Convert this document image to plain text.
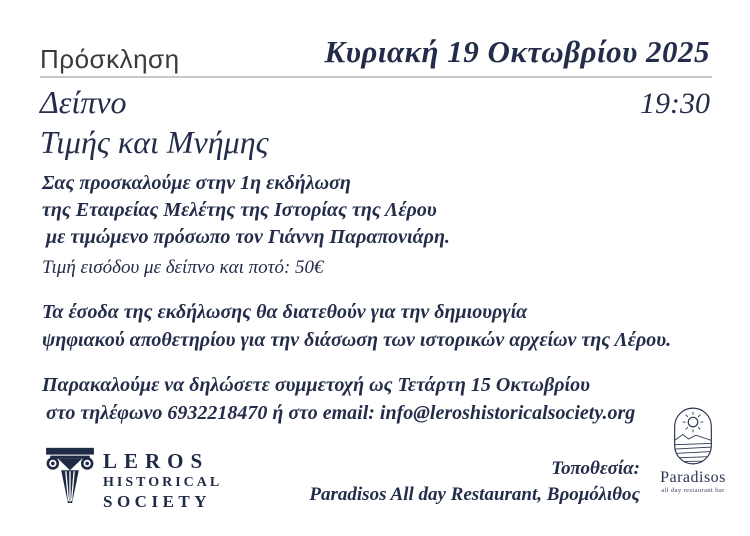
Πρόσκληση	Κυριακή 19 Οκτωβρίου 2025
Δείπνο	19:30
Τιμής και Μνήμης
Σας προσκαλούμε στην 1η εκδήλωση
της Εταιρείας Μελέτης της Ιστορίας της Λέρου
με τιμώμενο πρόσωπο τον Γιάννη Παραπονιάρη.
Τιμή εισόδου με δείπνο και ποτό: 50€
Τα έσοδα της εκδήλωσης θα διατεθούν για την δημιουργία
ψηφιακού αποθετηρίου για την διάσωση των ιστορικών αρχείων της Λέρου.
Παρακαλούμε να δηλώσετε συμμετοχή ως Τετάρτη 15 Οκτωβρίου
στο τηλέφωνο 6932218470 ή στο email: info@leroshistoricalsociety.org
LEROS
HISTORICAL
SOCIETY
Τοποθεσία:
Paradisos All day Restaurant, Βρομόλιθος
Paradisos
all day restaurant bar
